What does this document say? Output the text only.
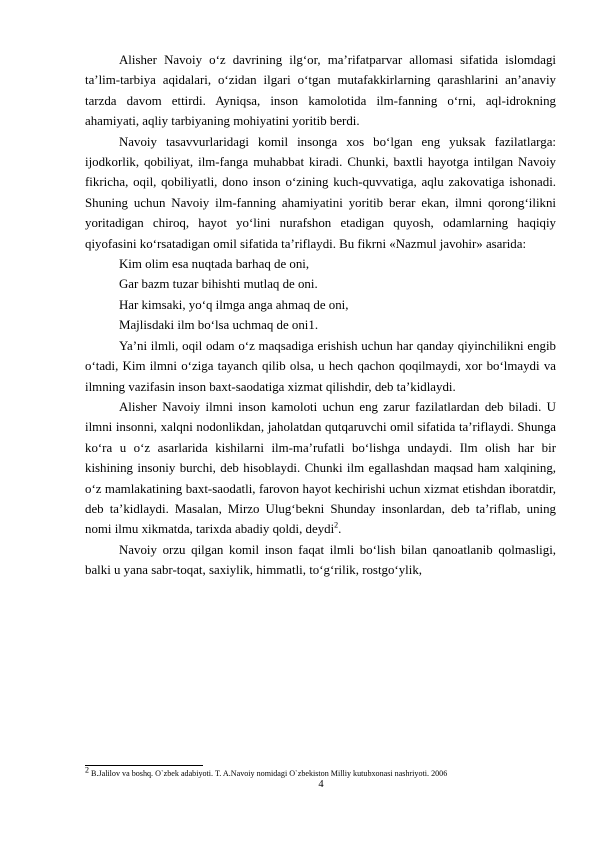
Alisher Navoiy o‘z davrining ilg‘or, ma’rifatparvar allomasi sifatida islomdagi ta’lim-tarbiya aqidalari, o‘zidan ilgari o‘tgan mutafakkirlarning qarashlarini an’anaviy tarzda davom ettirdi. Ayniqsa, inson kamolotida ilm-fanning o‘rni, aql-idrokning ahamiyati, aqliy tarbiyaning mohiyatini yoritib berdi.

Navoiy tasavvurlaridagi komil insonga xos bo‘lgan eng yuksak fazilatlarga: ijodkorlik, qobiliyat, ilm-fanga muhabbat kiradi. Chunki, baxtli hayotga intilgan Navoiy fikricha, oqil, qobiliyatli, dono inson o‘zining kuch-quvvatiga, aqlu zakovatiga ishonadi. Shuning uchun Navoiy ilm-fanning ahamiyatini yoritib berar ekan, ilmni qorong‘ilikni yoritadigan chiroq, hayot yo‘lini nurafshon etadigan quyosh, odamlarning haqiqiy qiyofasini ko‘rsatadigan omil sifatida ta’riflaydi. Bu fikrni «Nazmul javohir» asarida:

Kim olim esa nuqtada barhaq de oni,

Gar bazm tuzar bihishti mutlaq de oni.

Har kimsaki, yo‘q ilmga anga ahmaq de oni,

Majlisdaki ilm bo‘lsa uchmaq de oni1.

Ya’ni ilmli, oqil odam o‘z maqsadiga erishish uchun har qanday qiyinchilikni engib o‘tadi, Kim ilmni o‘ziga tayanch qilib olsa, u hech qachon qoqilmaydi, xor bo‘lmaydi va ilmning vazifasin inson baxt-saodatiga xizmat qilishdir, deb ta’kidlaydi.

Alisher Navoiy ilmni inson kamoloti uchun eng zarur fazilatlardan deb biladi. U ilmni insonni, xalqni nodonlikdan, jaholatdan qutqaruvchi omil sifatida ta’riflaydi. Shunga ko‘ra u o‘z asarlarida kishilarni ilm-ma’rufatli bo‘lishga undaydi. Ilm olish har bir kishining insoniy burchi, deb hisoblaydi. Chunki ilm egallashdan maqsad ham xalqining, o‘z mamlakatining baxt-saodatli, farovon hayot kechirishi uchun xizmat etishdan iboratdir, deb ta’kidlaydi. Masalan, Mirzo Ulug‘bekni Shunday insonlardan, deb ta’riflab, uning nomi ilmu xikmatda, tarixda abadiy qoldi, deydi$^2$.

Navoiy orzu qilgan komil inson faqat ilmli bo‘lish bilan qanoatlanib qolmasligi, balki u yana sabr-toqat, saxiylik, himmatli, to‘g‘rilik, rostgo‘ylik,

$^2$ B.Jalilov va boshq. O`zbek adabiyoti. T. A.Navoiy nomidagi O`zbekiston Milliy kutubxonasi nashriyoti. 2006
4
